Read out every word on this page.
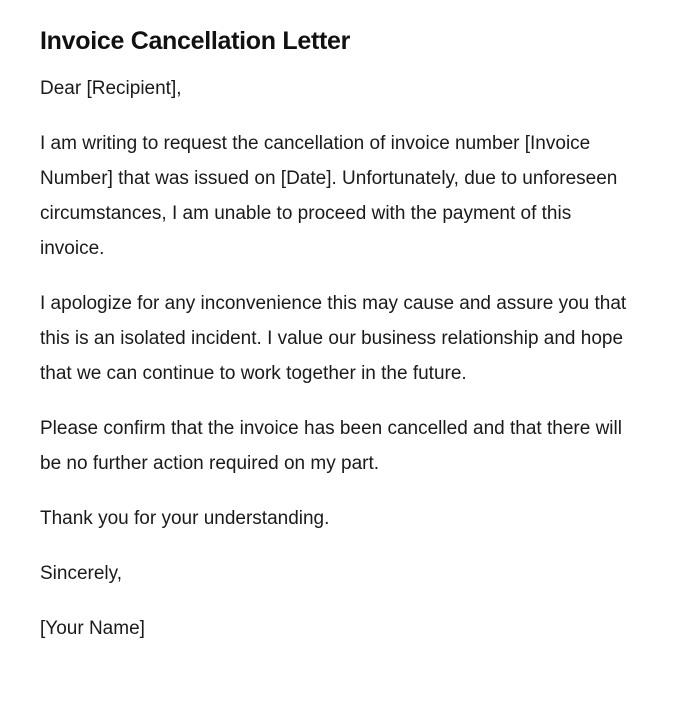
Invoice Cancellation Letter

Dear [Recipient],

I am writing to request the cancellation of invoice number [Invoice Number] that was issued on [Date]. Unfortunately, due to unforeseen circumstances, I am unable to proceed with the payment of this invoice.

I apologize for any inconvenience this may cause and assure you that this is an isolated incident. I value our business relationship and hope that we can continue to work together in the future.

Please confirm that the invoice has been cancelled and that there will be no further action required on my part.

Thank you for your understanding.

Sincerely,

[Your Name]
